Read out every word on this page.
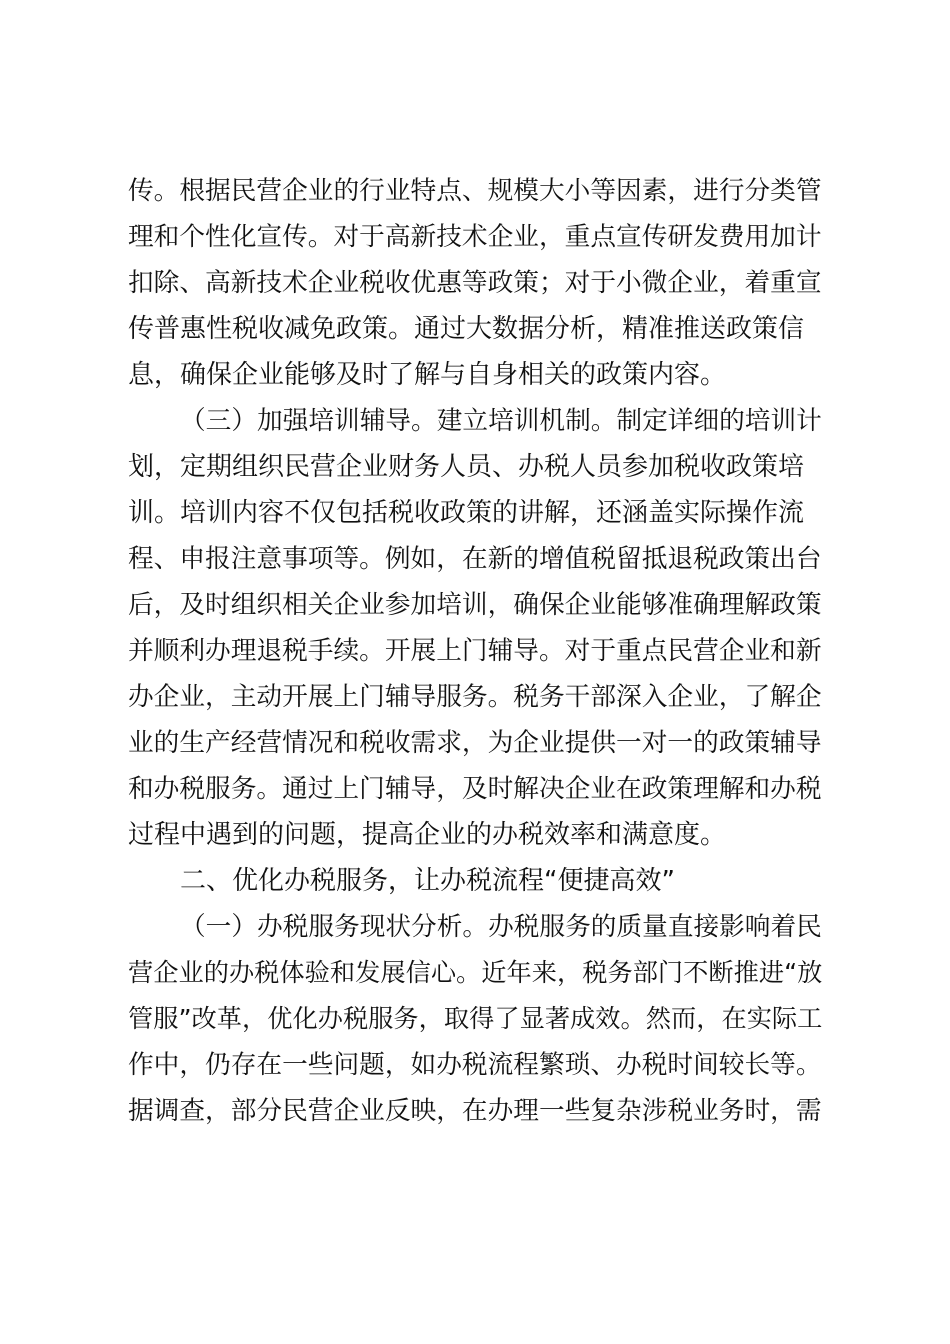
传。根据民营企业的行业特点、规模大小等因素，进行分类管
理和个性化宣传。对于高新技术企业，重点宣传研发费用加计
扣除、高新技术企业税收优惠等政策；对于小微企业，着重宣
传普惠性税收减免政策。通过大数据分析，精准推送政策信
息，确保企业能够及时了解与自身相关的政策内容。
（三）加强培训辅导。建立培训机制。制定详细的培训计
划，定期组织民营企业财务人员、办税人员参加税收政策培
训。培训内容不仅包括税收政策的讲解，还涵盖实际操作流
程、申报注意事项等。例如，在新的增值税留抵退税政策出台
后，及时组织相关企业参加培训，确保企业能够准确理解政策
并顺利办理退税手续。开展上门辅导。对于重点民营企业和新
办企业，主动开展上门辅导服务。税务干部深入企业，了解企
业的生产经营情况和税收需求，为企业提供一对一的政策辅导
和办税服务。通过上门辅导，及时解决企业在政策理解和办税
过程中遇到的问题，提高企业的办税效率和满意度。
二、优化办税服务，让办税流程“便捷高效”
（一）办税服务现状分析。办税服务的质量直接影响着民
营企业的办税体验和发展信心。近年来，税务部门不断推进“放
管服”改革，优化办税服务，取得了显著成效。然而，在实际工
作中，仍存在一些问题，如办税流程繁琐、办税时间较长等。
据调查，部分民营企业反映，在办理一些复杂涉税业务时，需
